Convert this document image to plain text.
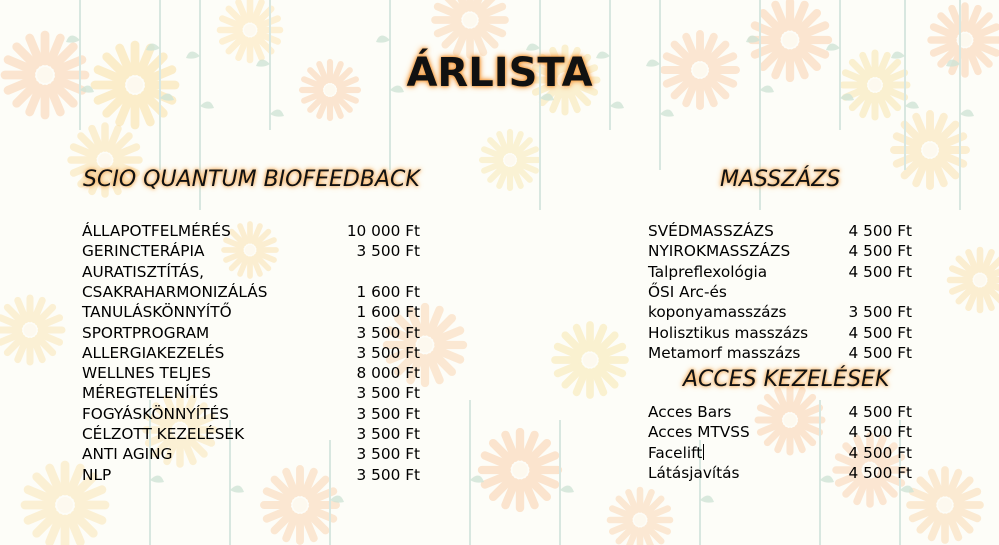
ÁRLISTA
SCIO QUANTUM BIOFEEDBACK	MASSZÁZS
ACCES KEZELÉSEK
ÁLLAPOTFELMÉRÉS	10 000 Ft
GERINCTERÁPIA	3 500 Ft
AURATISZTÍTÁS,
CSAKRAHARMONIZÁLÁS	1 600 Ft
TANULÁSKÖNNYÍTŐ	1 600 Ft
SPORTPROGRAM	3 500 Ft
ALLERGIAKEZELÉS	3 500 Ft
WELLNES TELJES	8 000 Ft
MÉREGTELENÍTÉS	3 500 Ft
FOGYÁSKÖNNYÍTÉS	3 500 Ft
CÉLZOTT KEZELÉSEK	3 500 Ft
ANTI AGING	3 500 Ft
NLP	3 500 Ft
SVÉDMASSZÁZS	4 500 Ft
NYIROKMASSZÁZS	4 500 Ft
Talpreflexológia	4 500 Ft
ŐSI Arc-és
koponyamasszázs	3 500 Ft
Holisztikus masszázs	4 500 Ft
Metamorf masszázs	4 500 Ft
Acces Bars	4 500 Ft
Acces MTVSS	4 500 Ft
Facelift	4 500 Ft
Látásjavítás	4 500 Ft
